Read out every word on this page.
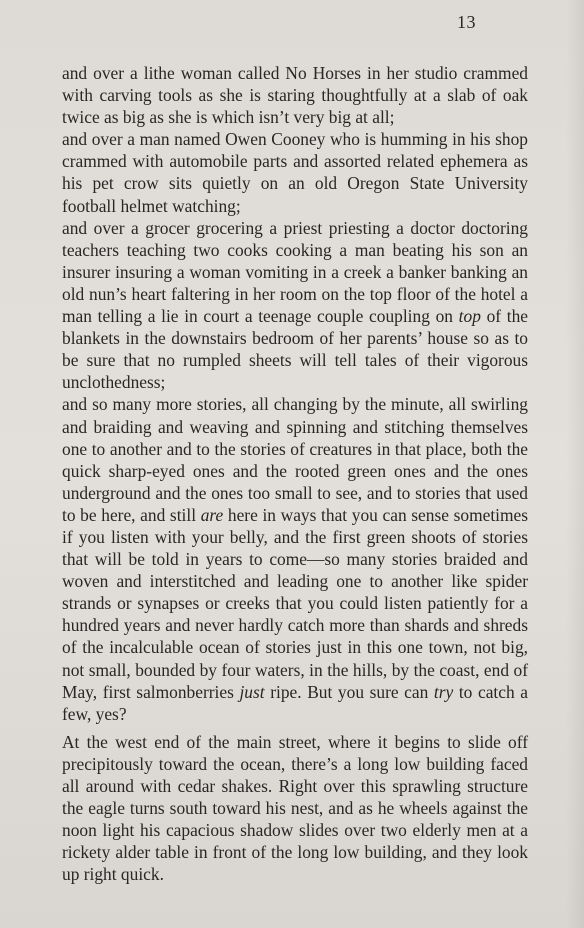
13

and over a lithe woman called No Horses in her studio crammed with carving tools as she is staring thoughtfully at a slab of oak twice as big as she is which isn’t very big at all;

and over a man named Owen Cooney who is humming in his shop crammed with automobile parts and assorted related ephemera as his pet crow sits quietly on an old Oregon State University football helmet watching;

and over a grocer grocering a priest priesting a doctor doctoring teachers teaching two cooks cooking a man beating his son an insurer insuring a woman vomiting in a creek a banker banking an old nun’s heart faltering in her room on the top floor of the hotel a man telling a lie in court a teenage couple coupling on top of the blankets in the downstairs bedroom of her parents’ house so as to be sure that no rumpled sheets will tell tales of their vigorous unclothedness;

and so many more stories, all changing by the minute, all swirling and braiding and weaving and spinning and stitching themselves one to another and to the stories of creatures in that place, both the quick sharp-eyed ones and the rooted green ones and the ones underground and the ones too small to see, and to stories that used to be here, and still are here in ways that you can sense sometimes if you listen with your belly, and the first green shoots of stories that will be told in years to come—so many stories braided and woven and interstitched and leading one to another like spider strands or synapses or creeks that you could listen patiently for a hundred years and never hardly catch more than shards and shreds of the incalculable ocean of stories just in this one town, not big, not small, bounded by four waters, in the hills, by the coast, end of May, first salmonberries just ripe. But you sure can try to catch a few, yes?

At the west end of the main street, where it begins to slide off precipitously toward the ocean, there’s a long low building faced all around with cedar shakes. Right over this sprawling structure the eagle turns south toward his nest, and as he wheels against the noon light his capacious shadow slides over two elderly men at a rickety alder table in front of the long low building, and they look up right quick.
